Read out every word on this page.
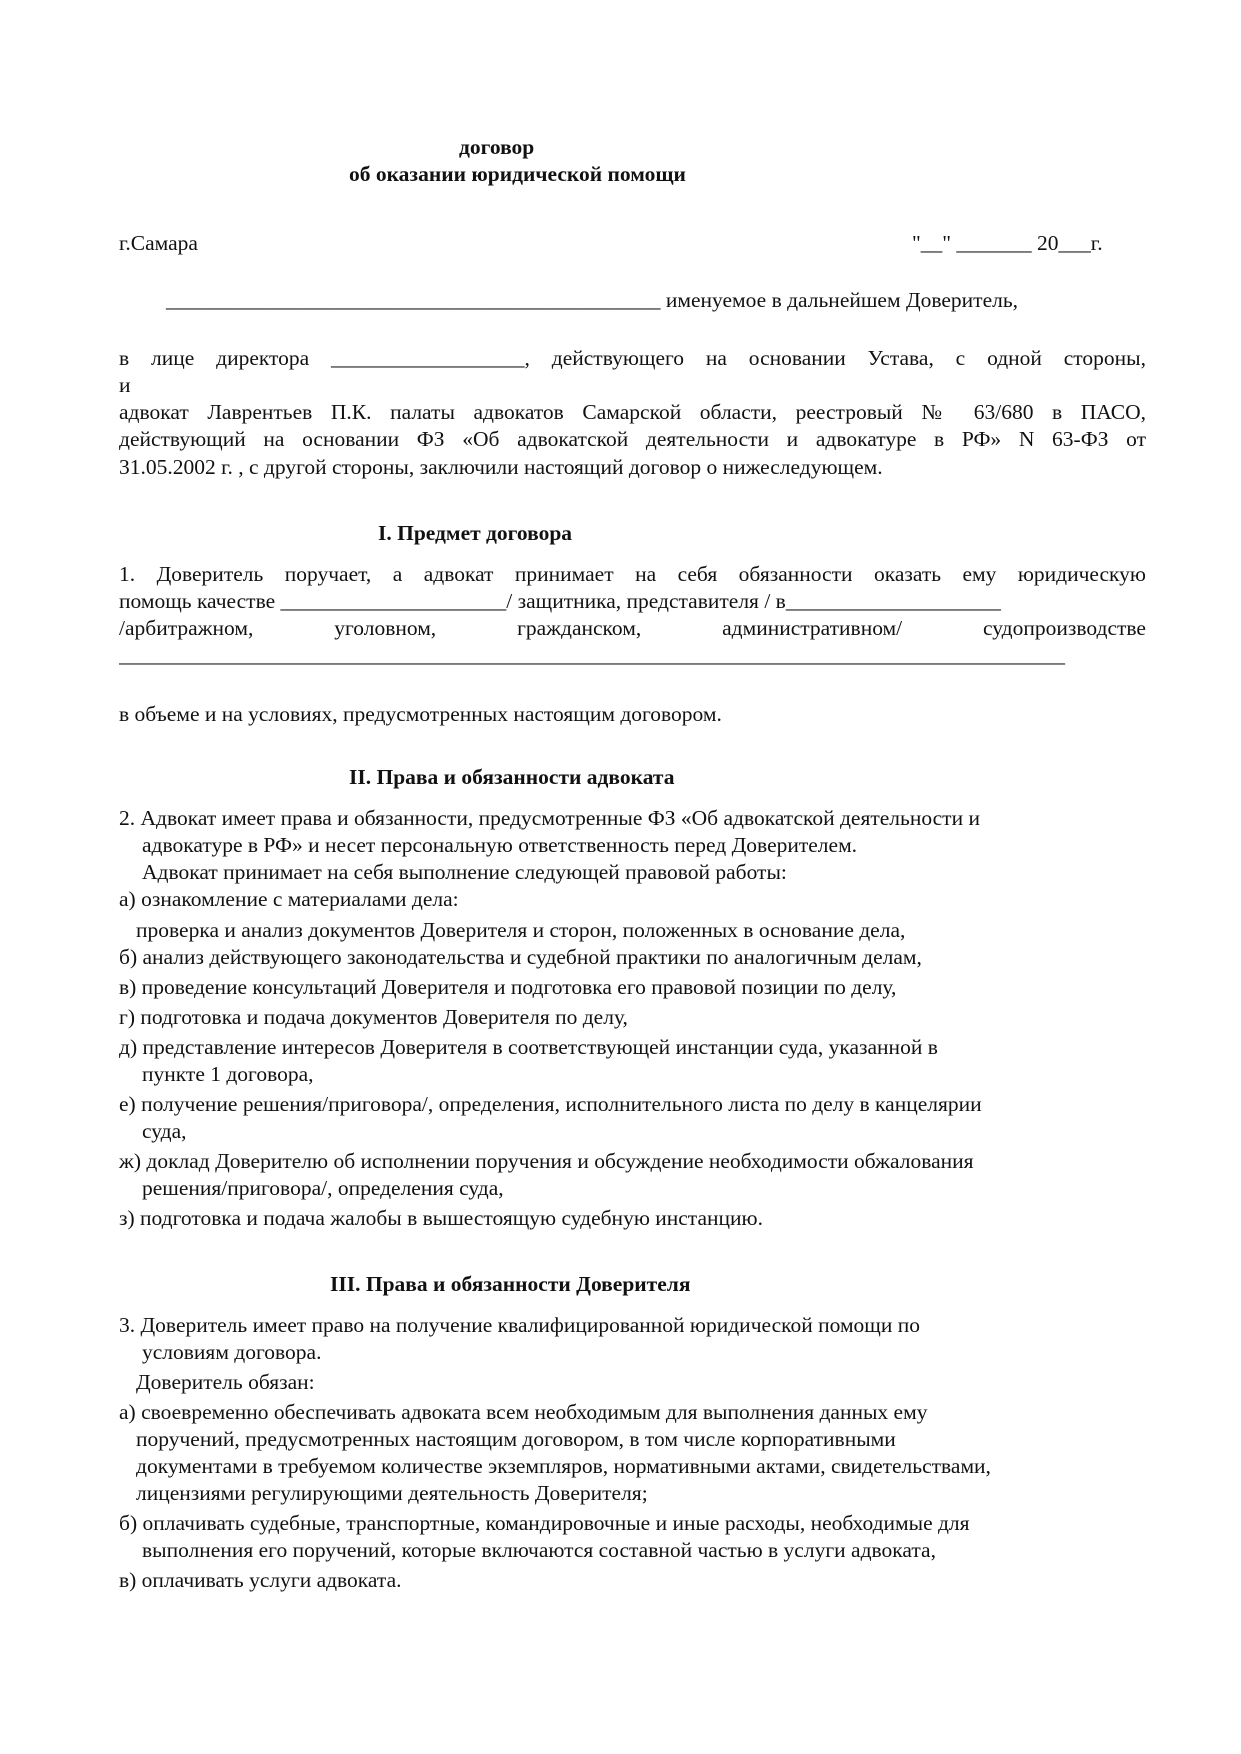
договор
об оказании юридической помощи
г.Самара	"__" _______ 20___г.
______________________________________________ именуемое в дальнейшем Доверитель,
в лице директора __________________, действующего на основании Устава, с одной стороны,
и
адвокат Лаврентьев П.К. палаты адвокатов Самарской области, реестровый № 63/680 в ПАСО,
действующий на основании ФЗ «Об адвокатской деятельности и адвокатуре в РФ» N 63-ФЗ от
31.05.2002 г. , с другой стороны, заключили настоящий договор о нижеследующем.
I. Предмет договора
1. Доверитель поручает, а адвокат принимает на себя обязанности оказать ему юридическую
помощь качестве _____________________/ защитника, представителя / в____________________
/арбитражном,	уголовном,	гражданском,	административном/	судопроизводстве
________________________________________________________________________________________
в объеме и на условиях, предусмотренных настоящим договором.
II. Права и обязанности адвоката
2. Адвокат имеет права и обязанности, предусмотренные ФЗ «Об адвокатской деятельности и
адвокатуре в РФ» и несет персональную ответственность перед Доверителем.
Адвокат принимает на себя выполнение следующей правовой работы:
а) ознакомление с материалами дела:
проверка и анализ документов Доверителя и сторон, положенных в основание дела,
б) анализ действующего законодательства и судебной практики по аналогичным делам,
в) проведение консультаций Доверителя и подготовка его правовой позиции по делу,
г) подготовка и подача документов Доверителя по делу,
д) представление интересов Доверителя в соответствующей инстанции суда, указанной в
пункте 1 договора,
е) получение решения/приговора/, определения, исполнительного листа по делу в канцелярии
суда,
ж) доклад Доверителю об исполнении поручения и обсуждение необходимости обжалования
решения/приговора/, определения суда,
з) подготовка и подача жалобы в вышестоящую судебную инстанцию.
III. Права и обязанности Доверителя
3. Доверитель имеет право на получение квалифицированной юридической помощи по
условиям договора.
Доверитель обязан:
а) своевременно обеспечивать адвоката всем необходимым для выполнения данных ему
поручений, предусмотренных настоящим договором, в том числе корпоративными
документами в требуемом количестве экземпляров, нормативными актами, свидетельствами,
лицензиями регулирующими деятельность Доверителя;
б) оплачивать судебные, транспортные, командировочные и иные расходы, необходимые для
выполнения его поручений, которые включаются составной частью в услуги адвоката,
в) оплачивать услуги адвоката.
